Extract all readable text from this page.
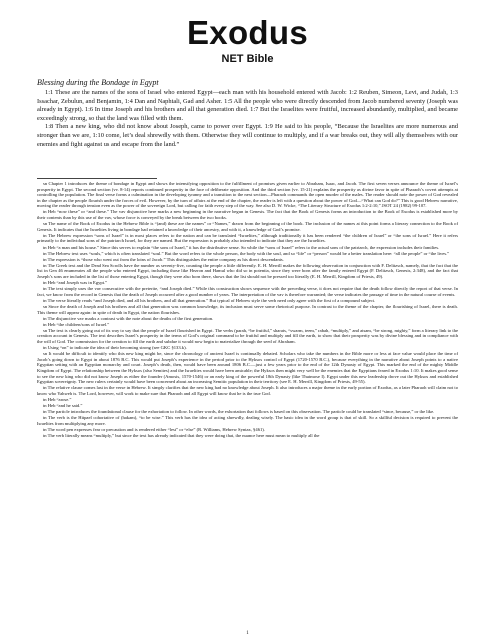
Exodus
NET Bible
Blessing during the Bondage in Egypt

1:1 These are the names of the sons of Israel who entered Egypt—each man with his household entered with Jacob: 1:2 Reuben, Simeon, Levi, and Judah, 1:3 Issachar, Zebulun, and Benjamin, 1:4 Dan and Naphtali, Gad and Asher. 1:5 All the people who were directly descended from Jacob numbered seventy (Joseph was already in Egypt). 1:6 In time Joseph and his brothers and all that generation died. 1:7 But the Israelites were fruitful, increased abundantly, multiplied, and became exceedingly strong, so that the land was filled with them.

1:8 Then a new king, who did not know about Joseph, came to power over Egypt. 1:9 He said to his people, “Because the Israelites are more numerous and stronger than we are, 1:10 come, let’s deal shrewdly with them. Otherwise they will continue to multiply, and if a war breaks out, they will ally themselves with our enemies and fight against us and escape from the land.”

sn Chapter 1 introduces the theme of bondage in Egypt and shows the intensifying opposition to the fulfillment of promises given earlier to Abraham, Isaac, and Jacob. The first seven verses announce the theme of Israel’s prosperity in Egypt. The second section (vv. 8-14) reports continued prosperity in the face of deliberate opposition. And the third section (vv. 15-21) explains the prosperity as divine favor in spite of Pharaoh’s covert attempts at controlling the population. The final verse forms a culmination in the developing tyranny and a transition to the next section—Pharaoh commands the open murder of the males. The reader should note the power of God revealed in the chapter as the people flourish under the forces of evil. However, by the turn of affairs at the end of the chapter, the reader is left with a question about the power of God—“What can God do?” This is good Hebrew narrative, moving the reader through tension even as the power of the sovereign Lord, but calling for faith every step of the way. See also D. W. Wicke, “The Literary Structure of Exodus 1:2-2:10,” JSOT 24 (1982) 99-107.

tn Heb “now these” or “and these.” The vav disjunctive here marks a new beginning in the narrative begun in Genesis. The fact that the Book of Genesis forms an introduction to the Book of Exodus is established more by their contents than by this use of the vav, whose force is conveyed by the break between the two books.

sn The name of the Book of Exodus in the Hebrew Bible is “(and) these are the names” or “Names,” drawn from the beginning of the book. The inclusion of the names at this point forms a literary connection to the Book of Genesis. It indicates that the Israelites living in bondage had retained a knowledge of their ancestry, and with it, a knowledge of God’s promise.

tn The Hebrew expression “sons of Israel” is in most places refers to the nation and can be translated “Israelites,” although traditionally it has been rendered “the children of Israel” or “the sons of Israel.” Here it refers primarily to the individual sons of the patriarch Israel, for they are named. But the expression is probably also intended to indicate that they are the Israelites.

tn Heb “a man and his house.” Since this serves to explain “the sons of Israel,” it has the distributive sense. So while the “sons of Israel” refers to the actual sons of the patriarch, the expression includes their families.

tn The Hebrew text uses “souls,” which is often translated “soul.” But the word refers to the whole person, the body with the soul, and so “life” or “person” would be a better translation here: “all the people” or “the lives.”

tn The expression is “those who went out from the loins of Jacob.” This distinguishes the entire company as his direct descendants.

tn The Greek text and the Dead Sea Scrolls have the number as seventy-five, counting the people a little differently. E. H. Merrill makes the following observation in conjunction with F. Delitzsch, namely, that the fact that the list in Gen 46 enumerates all the people who entered Egypt, including those like Hezron and Hamul who did so in potentia, since they were born after the family entered Egypt (F. Delitzsch, Genesis, 2:348), and the fact that Joseph’s sons are included in the list of those entering Egypt, though they were also born there, shows that the list should not be pressed too literally (E. H. Merrill, Kingdom of Priests, 49).

tn Heb “and Joseph was in Egypt.”

tn The text simply uses the vav consecutive with the preterite, “and Joseph died.” While this construction shows sequence with the preceding verse, it does not require that the death follow directly the report of that verse. In fact, we know from the record in Genesis that the death of Joseph occurred after a good number of years. The interpretation of the vav is therefore warranted; the verse indicates the passage of time in the natural course of events.

tn The verse literally reads “and Joseph died, and all his brothers, and all that generation.” But typical of Hebrew style the verb need only agree with the first of a compound subject.

sn Since the death of Joseph and his brothers and all that generation was common knowledge, its inclusion must serve some rhetorical purpose. In contrast to the theme of the chapter, the flourishing of Israel, there is death. This theme will appear again: in spite of death in Egypt, the nation flourishes.

tn The disjunctive vav marks a contrast with the note about the deaths of the first generation.

tn Heb “the children/sons of Israel.”

sn The text is clearly going out of its way to say that the people of Israel flourished in Egypt. The verbs (parah, “be fruitful,” sharats, “swarm, teem,” rabah, “multiply,” and atsam, “be strong, mighty,” form a literary link to the creation account in Genesis. The text describes Israel’s prosperity in the terms of God’s original command to be fruitful and multiply and fill the earth, to show that their prosperity was by divine blessing and in compliance with the will of God. The commission for the creation to fill the earth and subdue it would now begin to materialize through the seed of Abraham.

tn Using “on” to indicate the idea of their becoming strong (see GKC §133.k).

sn It would be difficult to identify who this new king might be, since the chronology of ancient Israel is continually debated. Scholars who take the numbers in the Bible more or less at face value would place the time of Jacob’s going down to Egypt in about 1876 B.C. This would put Joseph’s experience in the period prior to the Hyksos control of Egypt (1720-1570 B.C.), because everything in the narrative about Joseph points to a native Egyptian setting with an Egyptian monarchy and court. Joseph’s death, then, would have been around 1806 B.C.—just a few years prior to the end of the 12th Dynasty of Egypt. This marked the end of the mighty Middle Kingdom of Egypt. The relationship between the Hyksos (also Semites) and the Israelites would have been amicable; the Hyksos then might very well be the enemies that the Egyptians feared in Exodus 1:10. It makes good sense to see the new king who did not know Joseph as either the founder (Amosis, 1570-1546) or an early king of the powerful 18th Dynasty (like Thutmose I). Egypt under this new leadership drove out the Hyksos and established Egyptian sovereignty. The new rulers certainly would have been concerned about an increasing Semitic population in their territory (see E. H. Merrill, Kingdom of Priests, 49-55).

tn The relative clause comes last in the verse in Hebrew. It simply clarifies that the new king had no knowledge about Joseph. It also introduces a major theme in the early portion of Exodus, as a later Pharaoh will claim not to know who Yahweh is. The Lord, however, will work to make sure that Pharaoh and all Egypt will know that he is the true God.

tn Heb “arose.”

tn Heb “and he said.”

tn The particle introduces the foundational clause for the exhortation to follow. In other words, the exhortation that follows is based on this observation. The particle could be translated “since, because,” or the like.

tn The verb is the Hitpael cohortative of (hakam), “to be wise.” This verb has the idea of acting shrewdly, dealing wisely. The basic idea in the word group is that of skill. So a skillful decision is required to prevent the Israelites from multiplying any more.

tn The word pen expresses fear or precaution and is rendered either “lest” or “else” (R. Williams, Hebrew Syntax, §461).

tn The verb literally means “multiply,” but since the text has already indicated that they were doing that, the nuance here must mean to multiply all the

1
